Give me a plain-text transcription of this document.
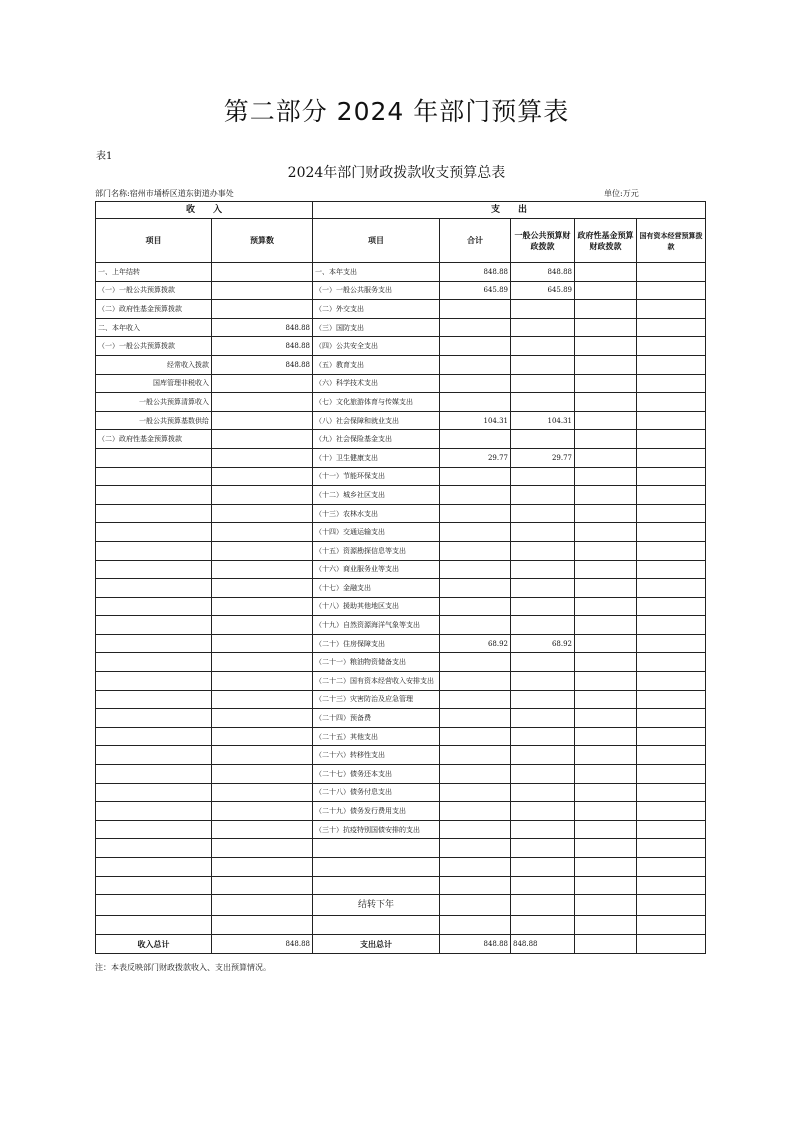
第二部分 2024 年部门预算表
表1
2024年部门财政拨款收支预算总表
部门名称:宿州市埇桥区道东街道办事处	单位:万元
收　　入		支　　出				
项目	预算数	项目	合计	一般公共预算财政拨款	政府性基金预算财政拨款	国有资本经营预算拨款
一、上年结转		一、本年支出	848.88	848.88		
（一）一般公共预算拨款		（一）一般公共服务支出	645.89	645.89		
（二）政府性基金预算拨款		（二）外交支出				
二、本年收入	848.88	（三）国防支出				
（一）一般公共预算拨款	848.88	（四）公共安全支出				
经常收入拨款	848.88	（五）教育支出				
国库管理非税收入		（六）科学技术支出				
一般公共预算清算收入		（七）文化旅游体育与传媒支出				
一般公共预算基数供给		（八）社会保障和就业支出	104.31	104.31		
（二）政府性基金预算拨款		（九）社会保险基金支出				
		（十）卫生健康支出	29.77	29.77		
		（十一）节能环保支出				
		（十二）城乡社区支出				
		（十三）农林水支出				
		（十四）交通运输支出				
		（十五）资源勘探信息等支出				
		（十六）商业服务业等支出				
		（十七）金融支出				
		（十八）援助其他地区支出				
		（十九）自然资源海洋气象等支出				
		（二十）住房保障支出	68.92	68.92		
		（二十一）粮油物资储备支出				
		（二十二）国有资本经营收入安排支出				
		（二十三）灾害防治及应急管理				
		（二十四）预备费				
		（二十五）其他支出				
		（二十六）转移性支出				
		（二十七）债务还本支出				
		（二十八）债务付息支出				
		（二十九）债务发行费用支出				
		（三十）抗疫特别国债安排的支出				

		结转下年				

收入总计	848.88	支出总计	848.88	848.88		
注：本表反映部门财政拨款收入、支出预算情况。
